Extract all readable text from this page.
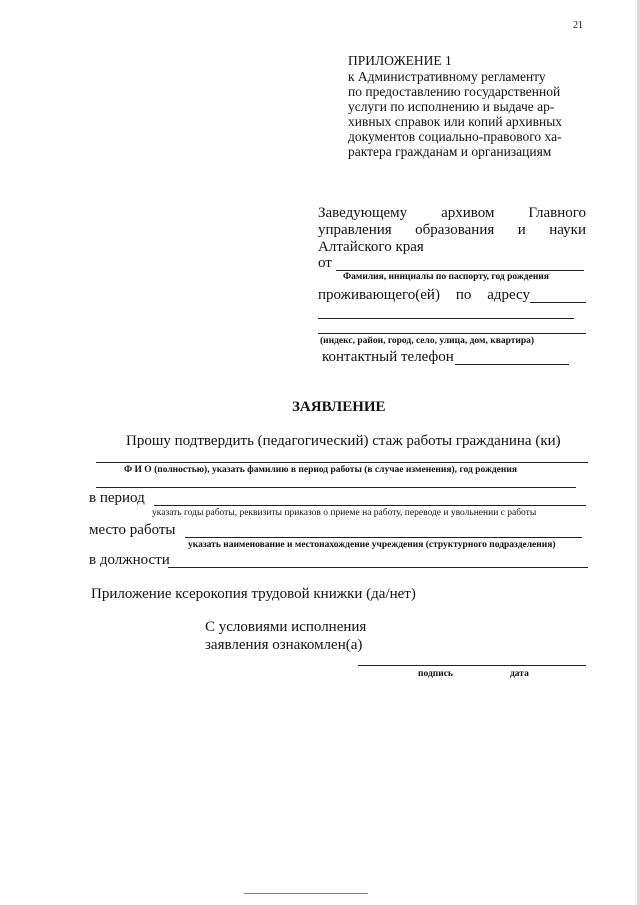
21
ПРИЛОЖЕНИЕ 1
к Административному регламенту
по предоставлению государственной
услуги по исполнению и выдаче ар-
хивных справок или копий архивных
документов социально-правового ха-
рактера гражданам и организациям
Заведующему архивом Главного
управления образования и науки
Алтайского края
от
Фамилия, инициалы по паспорту, год рождения
проживающего(ей) по адресу
(индекс, район, город, село, улица, дом, квартира)
контактный телефон
ЗАЯВЛЕНИЕ
Прошу подтвердить (педагогический) стаж работы гражданина (ки)
Ф И О (полностью), указать фамилию в период работы (в случае изменения), год рождения
в период
указать годы работы, реквизиты приказов о приеме на работу, переводе и увольнении с работы
место работы
указать наименование и местонахождение учреждения (структурного подразделения)
в должности
Приложение ксерокопия трудовой книжки (да/нет)
С условиями исполнения
заявления ознакомлен(а)
подпись	дата
